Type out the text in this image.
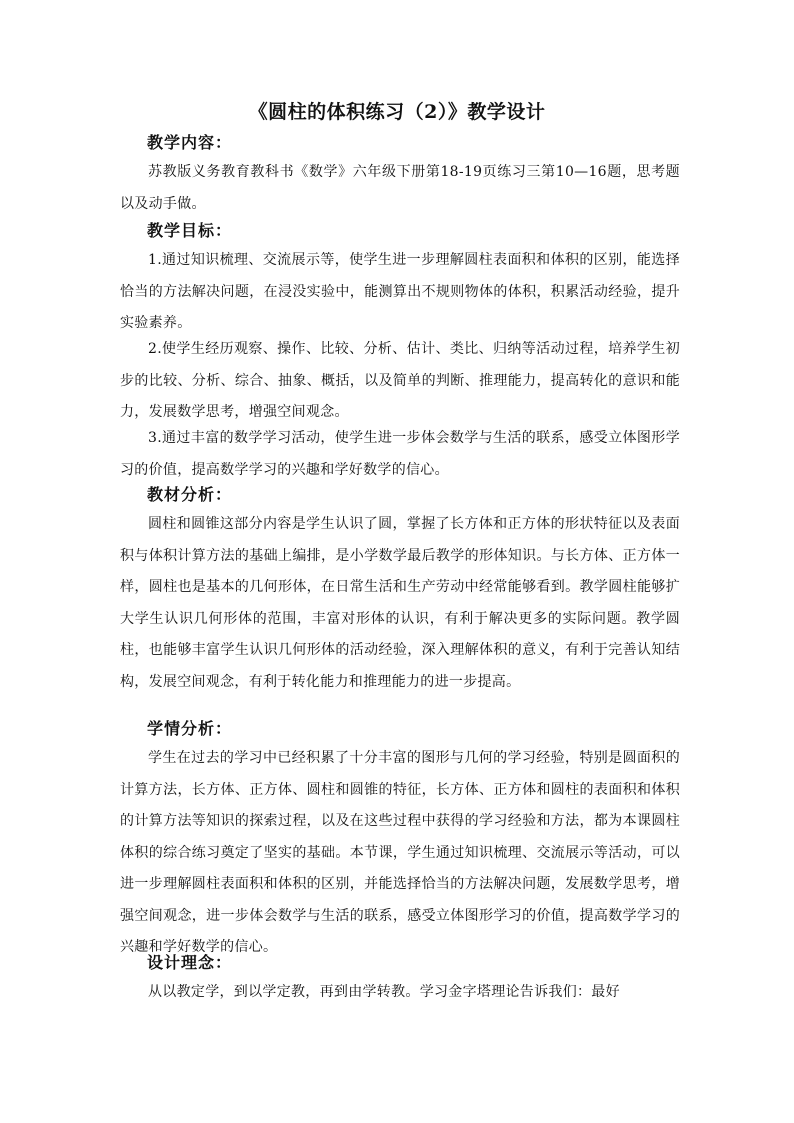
《圆柱的体积练习（2）》教学设计
教学内容：
苏教版义务教育教科书《数学》六年级下册第18-19页练习三第10—16题，思考题以及动手做。
教学目标：
1.通过知识梳理、交流展示等，使学生进一步理解圆柱表面积和体积的区别，能选择恰当的方法解决问题，在浸没实验中，能测算出不规则物体的体积，积累活动经验，提升实验素养。
2.使学生经历观察、操作、比较、分析、估计、类比、归纳等活动过程，培养学生初步的比较、分析、综合、抽象、概括，以及简单的判断、推理能力，提高转化的意识和能力，发展数学思考，增强空间观念。
3.通过丰富的数学学习活动，使学生进一步体会数学与生活的联系，感受立体图形学习的价值，提高数学学习的兴趣和学好数学的信心。
教材分析：
圆柱和圆锥这部分内容是学生认识了圆，掌握了长方体和正方体的形状特征以及表面积与体积计算方法的基础上编排，是小学数学最后教学的形体知识。与长方体、正方体一样，圆柱也是基本的几何形体，在日常生活和生产劳动中经常能够看到。教学圆柱能够扩大学生认识几何形体的范围，丰富对形体的认识，有利于解决更多的实际问题。教学圆柱，也能够丰富学生认识几何形体的活动经验，深入理解体积的意义，有利于完善认知结构，发展空间观念，有利于转化能力和推理能力的进一步提高。
学情分析：
学生在过去的学习中已经积累了十分丰富的图形与几何的学习经验，特别是圆面积的计算方法，长方体、正方体、圆柱和圆锥的特征，长方体、正方体和圆柱的表面积和体积的计算方法等知识的探索过程，以及在这些过程中获得的学习经验和方法，都为本课圆柱体积的综合练习奠定了坚实的基础。本节课，学生通过知识梳理、交流展示等活动，可以进一步理解圆柱表面积和体积的区别，并能选择恰当的方法解决问题，发展数学思考，增强空间观念，进一步体会数学与生活的联系，感受立体图形学习的价值，提高数学学习的兴趣和学好数学的信心。
设计理念：
从以教定学，到以学定教，再到由学转教。学习金字塔理论告诉我们：最好
